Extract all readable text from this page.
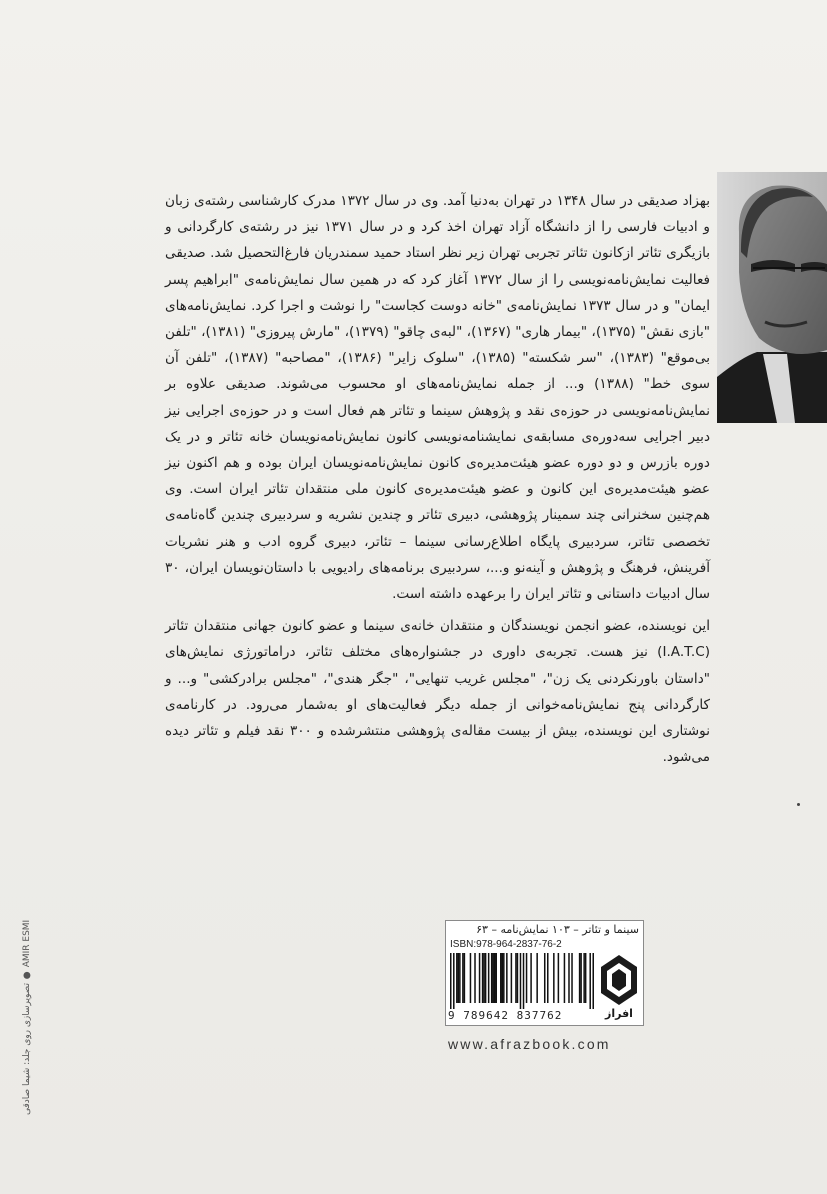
بهزاد صدیقی در سال ۱۳۴۸ در تهران به‌دنیا آمد. وی در سال ۱۳۷۲ مدرک کارشناسی رشته‌ی زبان و ادبیات فارسی را از دانشگاه آزاد تهران اخذ کرد و در سال ۱۳۷۱ نیز در رشته‌ی کارگردانی و بازیگری تئاتر ازکانون تئاتر تجربی تهران زیر نظر استاد حمید سمندریان فارغ‌التحصیل شد. صدیقی فعالیت نمایش‌نامه‌نویسی را از سال ۱۳۷۲ آغاز کرد که در همین سال نمایش‌نامه‌ی "ابراهیم پسر ایمان" و در سال ۱۳۷۳ نمایش‌نامه‌ی "خانه دوست کجاست" را نوشت و اجرا کرد. نمایش‌نامه‌های "بازی نقش" (۱۳۷۵)، "بیمار هاری" (۱۳۶۷)، "لبه‌ی چاقو" (۱۳۷۹)، "مارش پیروزی" (۱۳۸۱)، "تلفن بی‌موقع" (۱۳۸۳)، "سر شکسته" (۱۳۸۵)، "سلوک زایر" (۱۳۸۶)، "مصاحبه" (۱۳۸۷)، "تلفن آن سوی خط" (۱۳۸۸) و... از جمله نمایش‌نامه‌های او محسوب می‌شوند. صدیقی علاوه بر نمایش‌نامه‌نویسی در حوزه‌ی نقد و پژوهش سینما و تئاتر هم فعال است و در حوزه‌ی اجرایی نیز دبیر اجرایی سه‌دوره‌ی مسابقه‌ی نمایشنامه‌نویسی کانون نمایش‌نامه‌نویسان خانه تئاتر و در یک دوره بازرس و دو دوره عضو هیئت‌مدیره‌ی کانون نمایش‌نامه‌نویسان ایران بوده و هم اکنون نیز عضو هیئت‌مدیره‌ی این کانون و عضو هیئت‌مدیره‌ی کانون ملی منتقدان تئاتر ایران است. وی هم‌چنین سخنرانی چند سمینار پژوهشی، دبیری تئاتر و چندین نشریه و سردبیری چندین گاه‌نامه‌ی تخصصی تئاتر، سردبیری پایگاه اطلاع‌رسانی سینما – تئاتر، دبیری گروه ادب و هنر نشریات آفرینش، فرهنگ و پژوهش و آینه‌نو و...، سردبیری برنامه‌های رادیویی با داستان‌نویسان ایران، ۳۰ سال ادبیات داستانی و تئاتر ایران را بر‌عهده داشته است.

این نویسنده، عضو انجمن نویسندگان و منتقدان خانه‌ی سینما و عضو کانون جهانی منتقدان تئاتر (I.A.T.C) نیز هست. تجربه‌ی داوری در جشنواره‌های مختلف تئاتر، دراماتورژی نمایش‌های "داستان باورنکردنی یک زن"، "مجلس غریب تنهایی"، "جگر هندی"، "مجلس برادرکشی" و... و کارگردانی پنج نمایش‌نامه‌خوانی از جمله دیگر فعالیت‌های او به‌شمار می‌رود. در کارنامه‌ی نوشتاری این نویسنده، بیش از بیست مقاله‌ی پژوهشی منتشرشده و ۳۰۰ نقد فیلم و تئاتر دیده می‌شود.

تصویرسازی روی جلد: شیما صادقی ● AMIR ESMI	سینما و تئاتر – ۱۰۳ نمایش‌نامه – ۶۳
ISBN:978-964-2837-76-2
9 789642 837762	افراز
www.afrazbook.com
